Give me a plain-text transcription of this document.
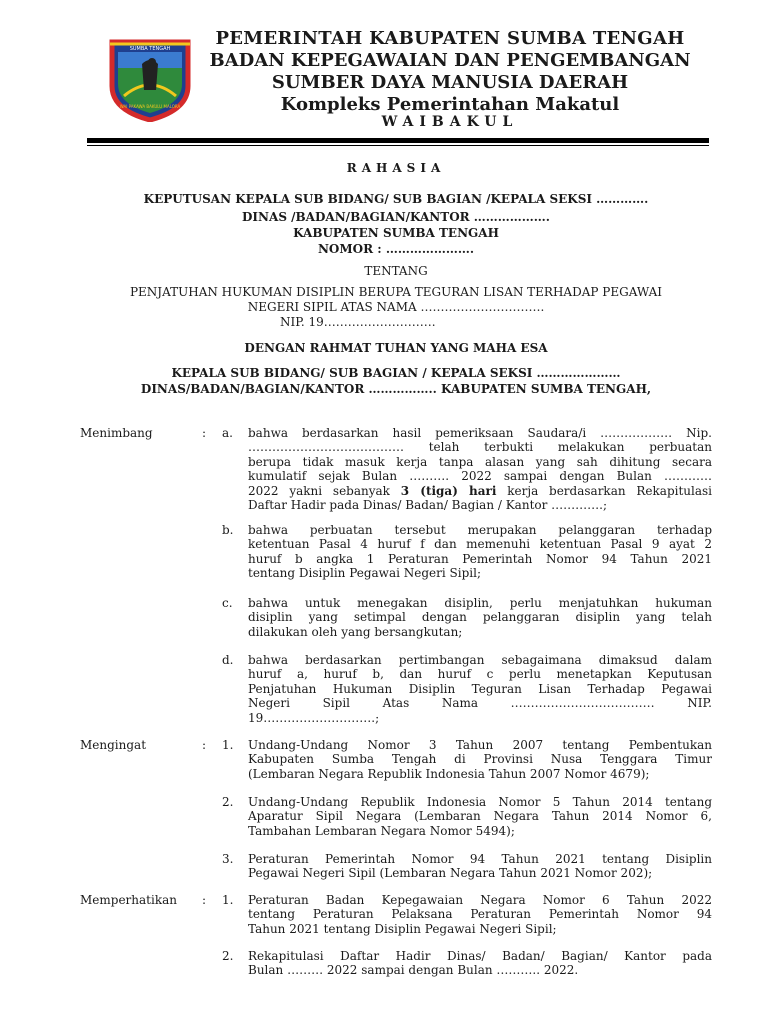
SUMBA TENGAH
WAI PAKAWA BAKULU MALORA
PEMERINTAH KABUPATEN SUMBA TENGAH
BADAN KEPEGAWAIAN DAN PENGEMBANGAN
SUMBER DAYA MANUSIA DAERAH
Kompleks Pemerintahan Makatul
WAIBAKUL
RAHASIA
KEPUTUSAN KEPALA SUB BIDANG/ SUB BAGIAN /KEPALA SEKSI ………….
DINAS /BADAN/BAGIAN/KANTOR ……………….
KABUPATEN SUMBA TENGAH
NOMOR : ………………….
TENTANG
PENJATUHAN HUKUMAN DISIPLIN BERUPA TEGURAN LISAN TERHADAP PEGAWAI
NEGERI SIPIL ATAS NAMA ………………………….
NIP. 19……………………….
DENGAN RAHMAT TUHAN YANG MAHA ESA
KEPALA SUB BIDANG/ SUB BAGIAN / KEPALA SEKSI …………………
DINAS/BADAN/BAGIAN/KANTOR …………….. KABUPATEN SUMBA TENGAH,
Menimbang	: a. bahwa berdasarkan hasil pemeriksaan Saudara/i ……………… Nip.
………………………………… telah terbukti melakukan perbuatan
berupa tidak masuk kerja tanpa alasan yang sah dihitung secara
kumulatif sejak Bulan ………. 2022 sampai dengan Bulan …………
2022 yakni sebanyak 3 (tiga) hari kerja berdasarkan Rekapitulasi
Daftar Hadir pada Dinas/ Badan/ Bagian / Kantor ………….;
b. bahwa perbuatan tersebut merupakan pelanggaran terhadap
ketentuan Pasal 4 huruf f dan memenuhi ketentuan Pasal 9 ayat 2
huruf b angka 1 Peraturan Pemerintah Nomor 94 Tahun 2021
tentang Disiplin Pegawai Negeri Sipil;
c. bahwa untuk menegakan disiplin, perlu menjatuhkan hukuman
disiplin yang setimpal dengan pelanggaran disiplin yang telah
dilakukan oleh yang bersangkutan;
d. bahwa berdasarkan pertimbangan sebagaimana dimaksud dalam
huruf a, huruf b, dan huruf c perlu menetapkan Keputusan
Penjatuhan Hukuman Disiplin Teguran Lisan Terhadap Pegawai
Negeri Sipil Atas Nama ……………………………… NIP.
19……………………….;
Mengingat	: 1. Undang-Undang Nomor 3 Tahun 2007 tentang Pembentukan
Kabupaten Sumba Tengah di Provinsi Nusa Tenggara Timur
(Lembaran Negara Republik Indonesia Tahun 2007 Nomor 4679);
2. Undang-Undang Republik Indonesia Nomor 5 Tahun 2014 tentang
Aparatur Sipil Negara (Lembaran Negara Tahun 2014 Nomor 6,
Tambahan Lembaran Negara Nomor 5494);
3. Peraturan Pemerintah Nomor 94 Tahun 2021 tentang Disiplin
Pegawai Negeri Sipil (Lembaran Negara Tahun 2021 Nomor 202);
Memperhatikan : 1. Peraturan Badan Kepegawaian Negara Nomor 6 Tahun 2022
tentang Peraturan Pelaksana Peraturan Pemerintah Nomor 94
Tahun 2021 tentang Disiplin Pegawai Negeri Sipil;
2. Rekapitulasi Daftar Hadir Dinas/ Badan/ Bagian/ Kantor pada
Bulan ……… 2022 sampai dengan Bulan ……….. 2022.
